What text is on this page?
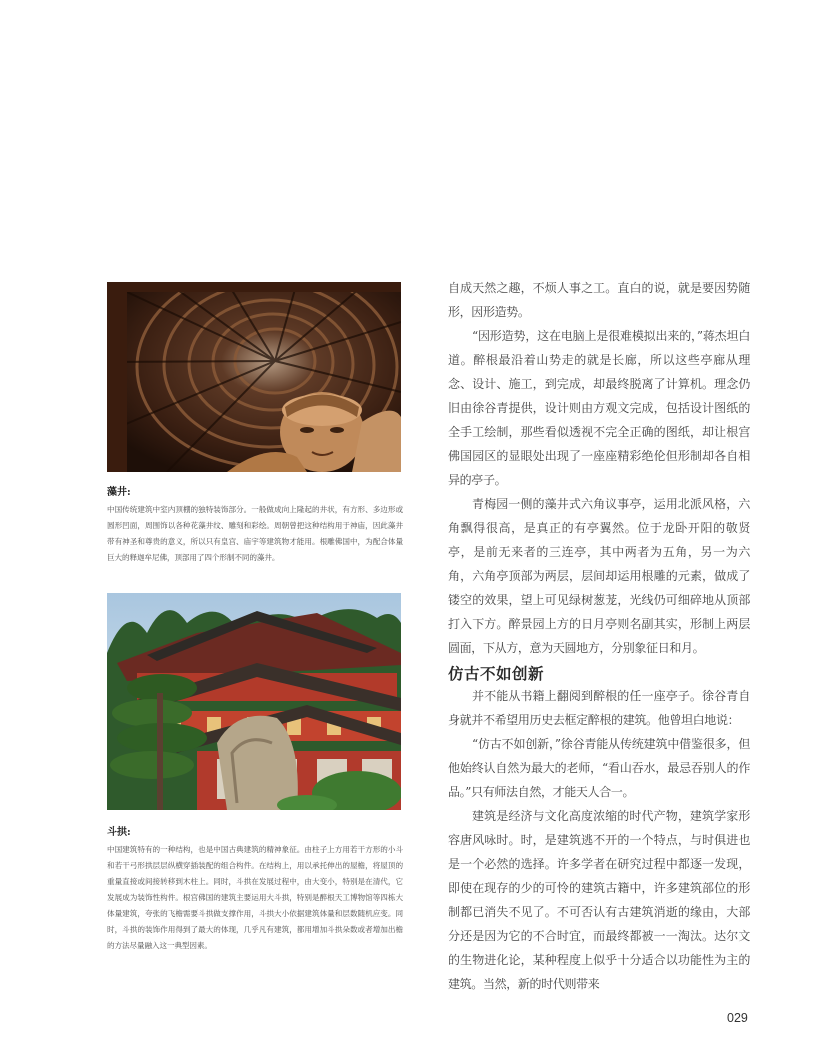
藻井:

中国传统建筑中室内顶棚的独特装饰部分。一般做成向上隆起的井状，有方形、多边形或圆形凹面，周围饰以各种花藻井纹、雕刻和彩绘。周朝曾把这种结构用于神庙，因此藻井带有神圣和尊贵的意义，所以只有皇宫、庙宇等建筑物才能用。根雕佛国中，为配合体量巨大的释迦牟尼佛，顶部用了四个形制不同的藻井。

斗拱:

中国建筑特有的一种结构，也是中国古典建筑的精神象征。由柱子上方用若干方形的小斗和若干弓形拱层层纵横穿插装配的组合构件。在结构上，用以承托伸出的屋檐，将屋顶的重量直接或间接转移到木柱上。同时，斗拱在发展过程中，由大变小，特别是在清代，它发展成为装饰性构件。根宫佛国的建筑主要运用大斗拱，特别是醉根天工博物馆等四栋大体量建筑，夸张的飞檐需要斗拱做支撑作用，斗拱大小依据建筑体量和层数随机应变。同时，斗拱的装饰作用得到了最大的体现，几乎凡有建筑，都用增加斗拱朵数或者增加出檐的方法尽量融入这一典型因素。

自成天然之趣，不烦人事之工。直白的说，就是要因势随形，因形造势。

“因形造势，这在电脑上是很难模拟出来的，”蒋杰坦白道。醉根最沿着山势走的就是长廊，所以这些亭廊从理念、设计、施工，到完成，却最终脱离了计算机。理念仍旧由徐谷青提供，设计则由方观文完成，包括设计图纸的全手工绘制，那些看似透视不完全正确的图纸，却让根宫佛国园区的显眼处出现了一座座精彩绝伦但形制却各自相异的亭子。

青梅园一侧的藻井式六角议事亭，运用北派风格，六角飘得很高，是真正的有亭翼然。位于龙卧开阳的敬贤亭，是前无来者的三连亭，其中两者为五角，另一为六角，六角亭顶部为两层，层间却运用根雕的元素，做成了镂空的效果，望上可见绿树葱茏，光线仍可细碎地从顶部打入下方。醉景园上方的日月亭则名副其实，形制上两层圆面，下从方，意为天圆地方，分别象征日和月。

仿古不如创新

并不能从书籍上翻阅到醉根的任一座亭子。徐谷青自身就并不希望用历史去框定醉根的建筑。他曾坦白地说：

“仿古不如创新，”徐谷青能从传统建筑中借鉴很多，但他始终认自然为最大的老师，“看山吞水，最忌吞别人的作品。”只有师法自然，才能天人合一。

建筑是经济与文化高度浓缩的时代产物，建筑学家形容唐风咏时。时，是建筑逃不开的一个特点，与时俱进也是一个必然的选择。许多学者在研究过程中都逐一发现，即使在现存的少的可怜的建筑古籍中，许多建筑部位的形制都已消失不见了。不可否认有古建筑消逝的缘由，大部分还是因为它的不合时宜，而最终都被一一淘汰。达尔文的生物进化论，某种程度上似乎十分适合以功能性为主的建筑。当然，新的时代则带来

029
